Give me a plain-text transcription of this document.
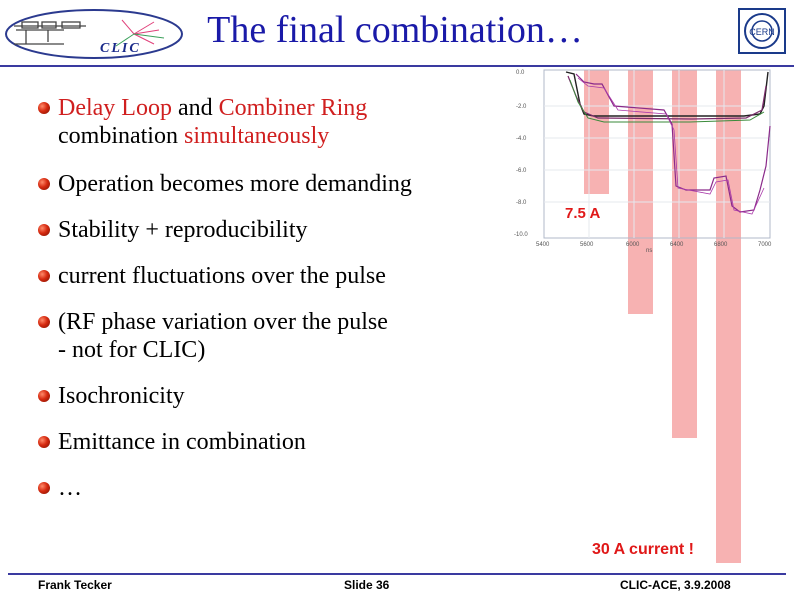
CLIC	The final combination…	CERN
0.0
-2.0
-4.0
-6.0
-8.0
-10.0
5400	5600	6000	6400	6800	7000
ns
7.5 A
30 A current !
Delay Loop and Combiner Ring
combination simultaneously
Operation becomes more demanding
Stability + reproducibility
current fluctuations over the pulse
(RF phase variation over the pulse
- not for CLIC)
Isochronicity
Emittance in combination
…
Frank Tecker	Slide 36	CLIC-ACE, 3.9.2008
